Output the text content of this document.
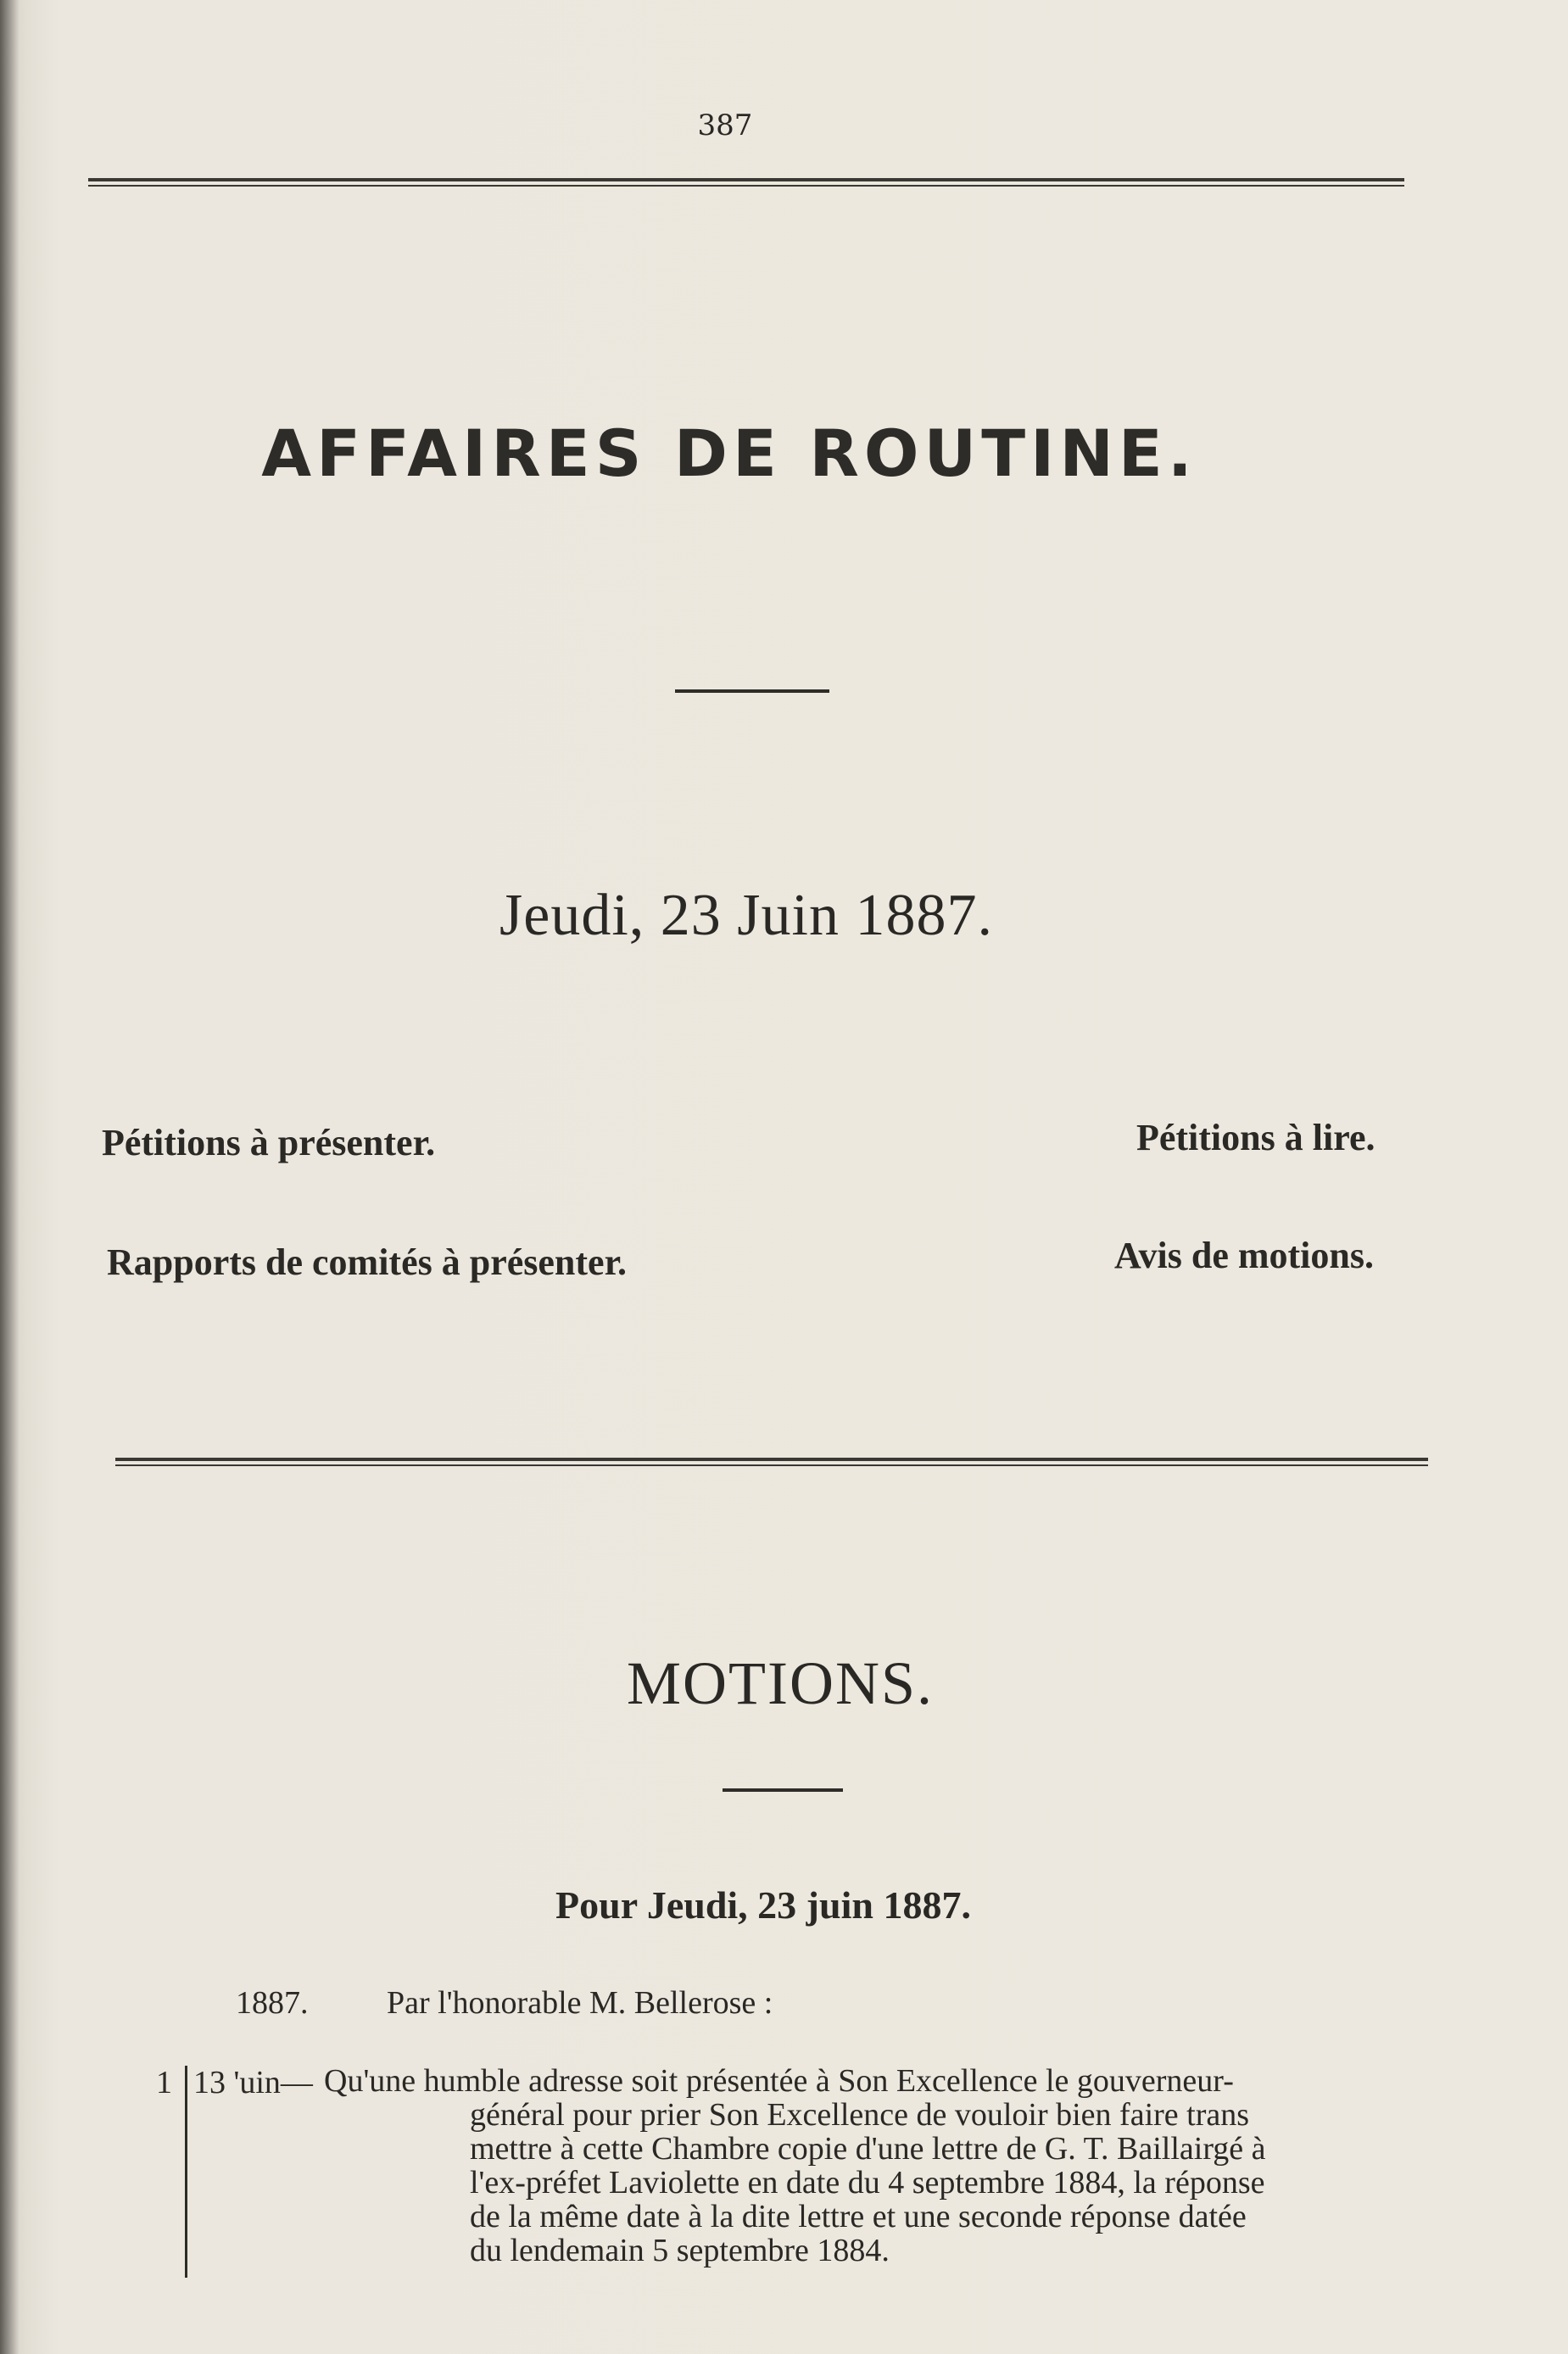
387
AFFAIRES DE ROUTINE.
Jeudi, 23 Juin 1887.
Pétitions à présenter.	Pétitions à lire.
Rapports de comités à présenter.	Avis de motions.
MOTIONS.
Pour Jeudi, 23 juin 1887.
1887. Par l'honorable M. Bellerose :
1 13 'uin— Qu'une humble adresse soit présentée à Son Excellence le gouverneur-
général pour prier Son Excellence de vouloir bien faire trans
mettre à cette Chambre copie d'une lettre de G. T. Baillairgé à
l'ex-préfet Laviolette en date du 4 septembre 1884, la réponse
de la même date à la dite lettre et une seconde réponse datée
du lendemain 5 septembre 1884.
